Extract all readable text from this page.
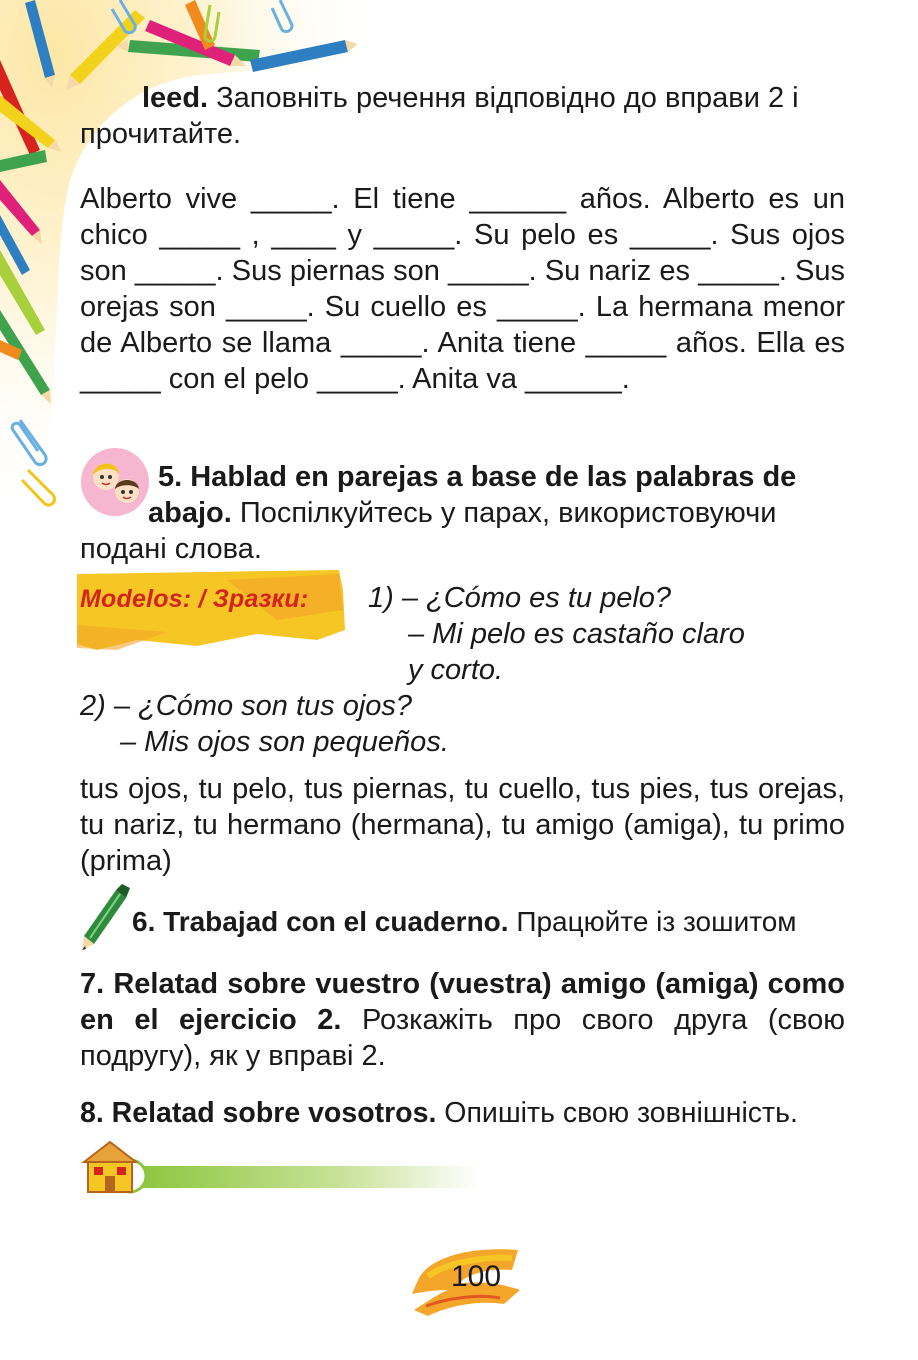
leed. Заповніть речення відповідно до вправи 2 і прочитайте.
Alberto vive _____. El tiene ______ años. Alberto es un chico _____ , ____ y _____. Su pelo es _____. Sus ojos son _____. Sus piernas son _____. Su nariz es _____. Sus orejas son _____. Su cuello es _____. La hermana menor de Alberto se llama _____. Anita tiene _____ años. Ella es _____ con el pelo _____. Anita va ______.
5. Hablad en parejas a base de las palabras de
abajo. Поспілкуйтесь у парах, використовуючи
подані слова.
Modelos: / Зразки: 1) – ¿Cómo es tu pelo?
– Mi pelo es castaño claro
y corto.
2) – ¿Cómo son tus ojos?
– Mis ojos son pequeños.
tus ojos, tu pelo, tus piernas, tu cuello, tus pies, tus orejas, tu nariz, tu hermano (hermana), tu amigo (amiga), tu primo (prima)
6. Trabajad con el cuaderno. Працюйте із зошитом
7. Relatad sobre vuestro (vuestra) amigo (amiga) como en el ejercicio 2. Розкажіть про свого друга (свою подругу), як у вправі 2.
8. Relatad sobre vosotros. Опишіть свою зовнішність.
100
